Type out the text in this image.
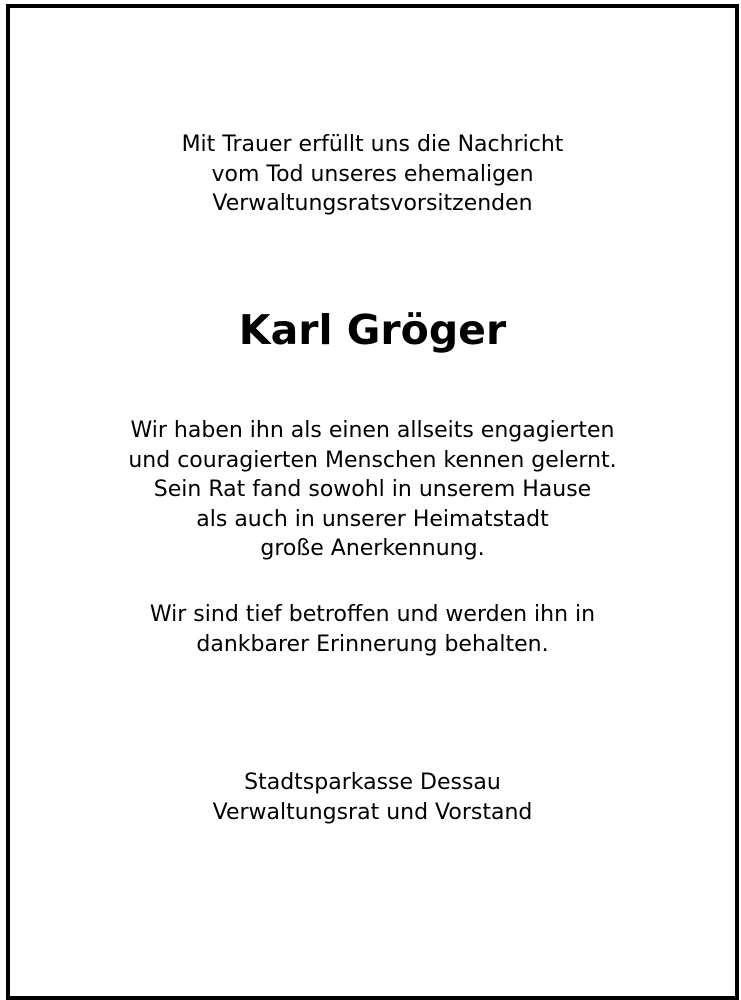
Mit Trauer erfüllt uns die Nachricht
vom Tod unseres ehemaligen
Verwaltungsratsvorsitzenden
Karl Gröger
Wir haben ihn als einen allseits engagierten
und couragierten Menschen kennen gelernt.
Sein Rat fand sowohl in unserem Hause
als auch in unserer Heimatstadt
große Anerkennung.
Wir sind tief betroffen und werden ihn in
dankbarer Erinnerung behalten.
Stadtsparkasse Dessau
Verwaltungsrat und Vorstand
